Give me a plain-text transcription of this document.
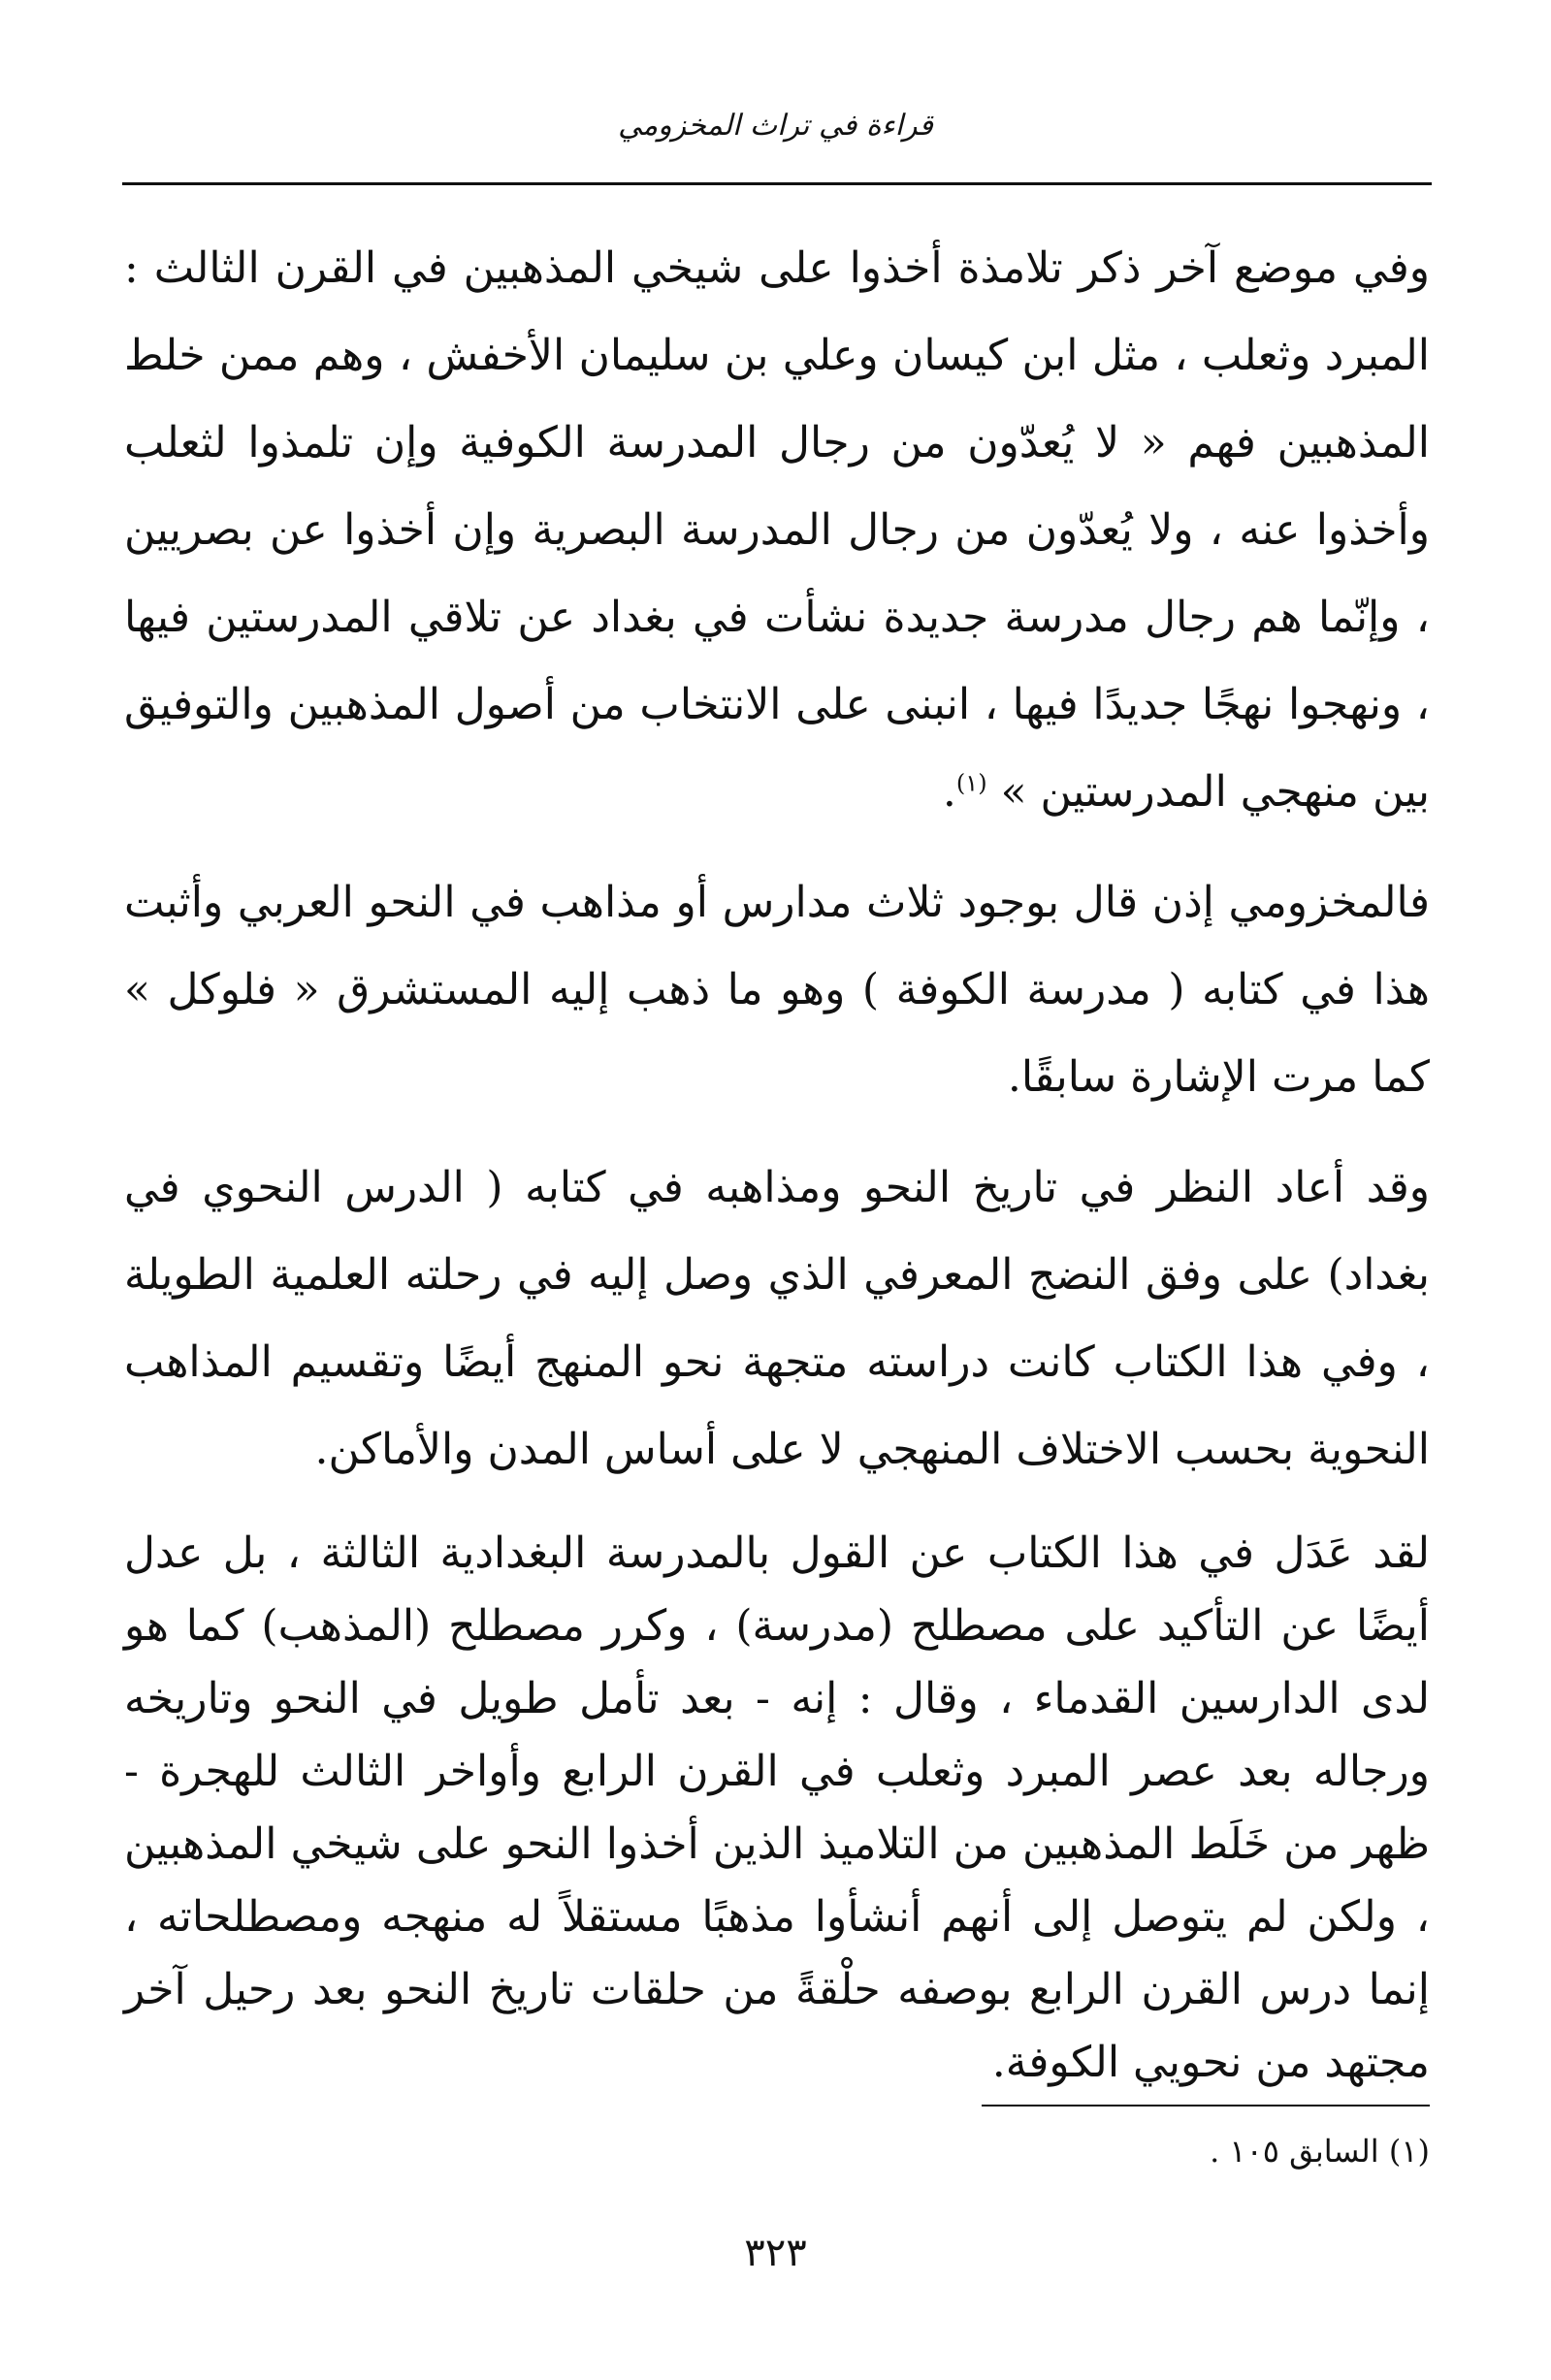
قراءة في تراث المخزومي

وفي موضع آخر ذكر تلامذة أخذوا على شيخي المذهبين في القرن الثالث : المبرد وثعلب ، مثل ابن كيسان وعلي بن سليمان الأخفش ، وهم ممن خلط المذهبين فهم « لا يُعدّون من رجال المدرسة الكوفية وإن تلمذوا لثعلب وأخذوا عنه ، ولا يُعدّون من رجال المدرسة البصرية وإن أخذوا عن بصريين ، وإنّما هم رجال مدرسة جديدة نشأت في بغداد عن تلاقي المدرستين فيها ، ونهجوا نهجًا جديدًا فيها ، انبنى على الانتخاب من أصول المذهبين والتوفيق بين منهجي المدرستين » $^{(١)}$.

فالمخزومي إذن قال بوجود ثلاث مدارس أو مذاهب في النحو العربي وأثبت هذا في كتابه ( مدرسة الكوفة ) وهو ما ذهب إليه المستشرق « فلوكل » كما مرت الإشارة سابقًا.

وقد أعاد النظر في تاريخ النحو ومذاهبه في كتابه ( الدرس النحوي في بغداد) على وفق النضج المعرفي الذي وصل إليه في رحلته العلمية الطويلة ، وفي هذا الكتاب كانت دراسته متجهة نحو المنهج أيضًا وتقسيم المذاهب النحوية بحسب الاختلاف المنهجي لا على أساس المدن والأماكن.

لقد عَدَل في هذا الكتاب عن القول بالمدرسة البغدادية الثالثة ، بل عدل أيضًا عن التأكيد على مصطلح (مدرسة) ، وكرر مصطلح (المذهب) كما هو لدى الدارسين القدماء ، وقال : إنه - بعد تأمل طويل في النحو وتاريخه ورجاله بعد عصر المبرد وثعلب في القرن الرابع وأواخر الثالث للهجرة - ظهر من خَلَط المذهبين من التلاميذ الذين أخذوا النحو على شيخي المذهبين ، ولكن لم يتوصل إلى أنهم أنشأوا مذهبًا مستقلاً له منهجه ومصطلحاته ، إنما درس القرن الرابع بوصفه حلْقةً من حلقات تاريخ النحو بعد رحيل آخر مجتهد من نحويي الكوفة.

(١) السابق ١٠٥ .
٣٢٣
